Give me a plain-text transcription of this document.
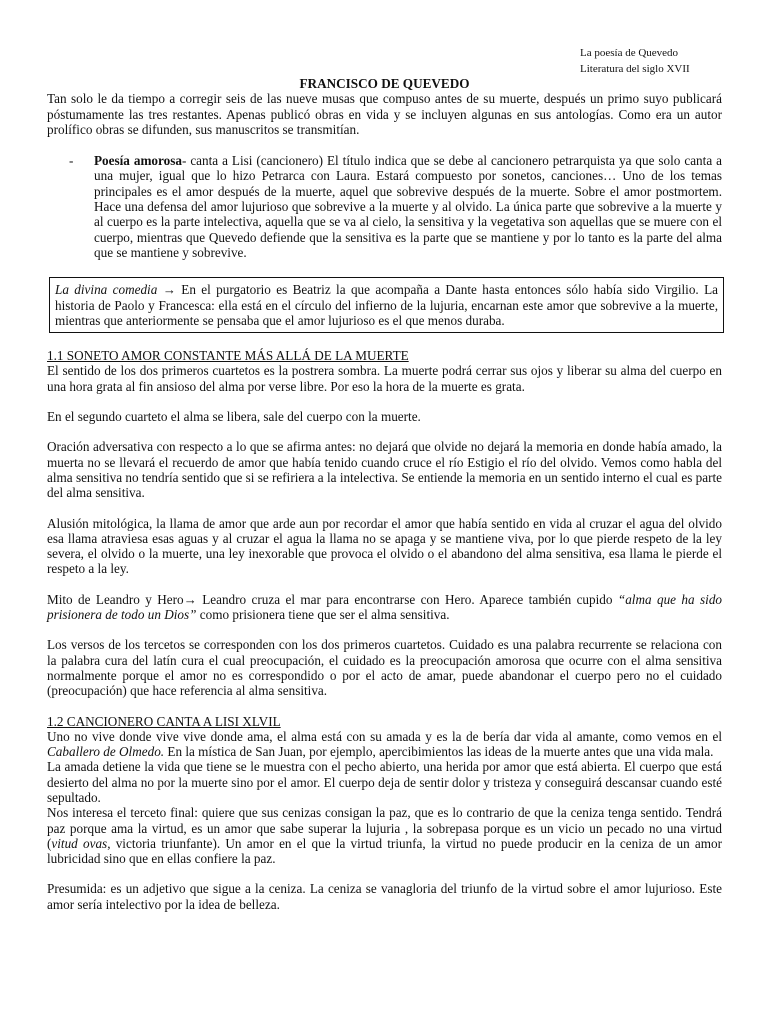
La poesía de Quevedo
Literatura del siglo XVII
FRANCISCO DE QUEVEDO

Tan solo le da tiempo a corregir seis de las nueve musas que compuso antes de su muerte, después un primo suyo publicará póstumamente las tres restantes. Apenas publicó obras en vida y se incluyen algunas en sus antologías. Como era un autor prolífico obras se difunden, sus manuscritos se transmitían.

- Poesía amorosa- canta a Lisi (cancionero) El título indica que se debe al cancionero petrarquista ya que solo canta a una mujer, igual que lo hizo Petrarca con Laura. Estará compuesto por sonetos, canciones… Uno de los temas principales es el amor después de la muerte, aquel que sobrevive después de la muerte. Sobre el amor postmortem. Hace una defensa del amor lujurioso que sobrevive a la muerte y al olvido. La única parte que sobrevive a la muerte y al cuerpo es la parte intelectiva, aquella que se va al cielo, la sensitiva y la vegetativa son aquellas que se muere con el cuerpo, mientras que Quevedo defiende que la sensitiva es la parte que se mantiene y por lo tanto es la parte del alma que se mantiene y sobrevive.
La divina comedia → En el purgatorio es Beatriz la que acompaña a Dante hasta entonces sólo había sido Virgilio. La historia de Paolo y Francesca: ella está en el círculo del infierno de la lujuria, encarnan este amor que sobrevive a la muerte, mientras que anteriormente se pensaba que el amor lujurioso es el que menos duraba.

1.1 SONETO AMOR CONSTANTE MÁS ALLÁ DE LA MUERTE

El sentido de los dos primeros cuartetos es la postrera sombra. La muerte podrá cerrar sus ojos y liberar su alma del cuerpo en una hora grata al fin ansioso del alma por verse libre. Por eso la hora de la muerte es grata.

En el segundo cuarteto el alma se libera, sale del cuerpo con la muerte.

Oración adversativa con respecto a lo que se afirma antes: no dejará que olvide no dejará la memoria en donde había amado, la muerta no se llevará el recuerdo de amor que había tenido cuando cruce el río Estigio el río del olvido. Vemos como habla del alma sensitiva no tendría sentido que si se refiriera a la intelectiva. Se entiende la memoria en un sentido interno el cual es parte del alma sensitiva.

Alusión mitológica, la llama de amor que arde aun por recordar el amor que había sentido en vida al cruzar el agua del olvido esa llama atraviesa esas aguas y al cruzar el agua la llama no se apaga y se mantiene viva, por lo que pierde respeto de la ley severa, el olvido o la muerte, una ley inexorable que provoca el olvido o el abandono del alma sensitiva, esa llama le pierde el respeto a la ley.

Mito de Leandro y Hero→ Leandro cruza el mar para encontrarse con Hero. Aparece también cupido “alma que ha sido prisionera de todo un Dios” como prisionera tiene que ser el alma sensitiva.

Los versos de los tercetos se corresponden con los dos primeros cuartetos. Cuidado es una palabra recurrente se relaciona con la palabra cura del latín cura el cual preocupación, el cuidado es la preocupación amorosa que ocurre con el alma sensitiva normalmente porque el amor no es correspondido o por el acto de amar, puede abandonar el cuerpo pero no el cuidado (preocupación) que hace referencia al alma sensitiva.

1.2 CANCIONERO CANTA A LISI XLVIL

Uno no vive donde vive vive donde ama, el alma está con su amada y es la de bería dar vida al amante, como vemos en el Caballero de Olmedo. En la mística de San Juan, por ejemplo, apercibimientos las ideas de la muerte antes que una vida mala.

La amada detiene la vida que tiene se le muestra con el pecho abierto, una herida por amor que está abierta. El cuerpo que está desierto del alma no por la muerte sino por el amor. El cuerpo deja de sentir dolor y tristeza y conseguirá descansar cuando esté sepultado.

Nos interesa el terceto final: quiere que sus cenizas consigan la paz, que es lo contrario de que la ceniza tenga sentido. Tendrá paz porque ama la virtud, es un amor que sabe superar la lujuria , la sobrepasa porque es un vicio un pecado no una virtud (vitud ovas, victoria triunfante). Un amor en el que la virtud triunfa, la virtud no puede producir en la ceniza de un amor lubricidad sino que en ellas confiere la paz.

Presumida: es un adjetivo que sigue a la ceniza. La ceniza se vanagloria del triunfo de la virtud sobre el amor lujurioso. Este amor sería intelectivo por la idea de belleza.
